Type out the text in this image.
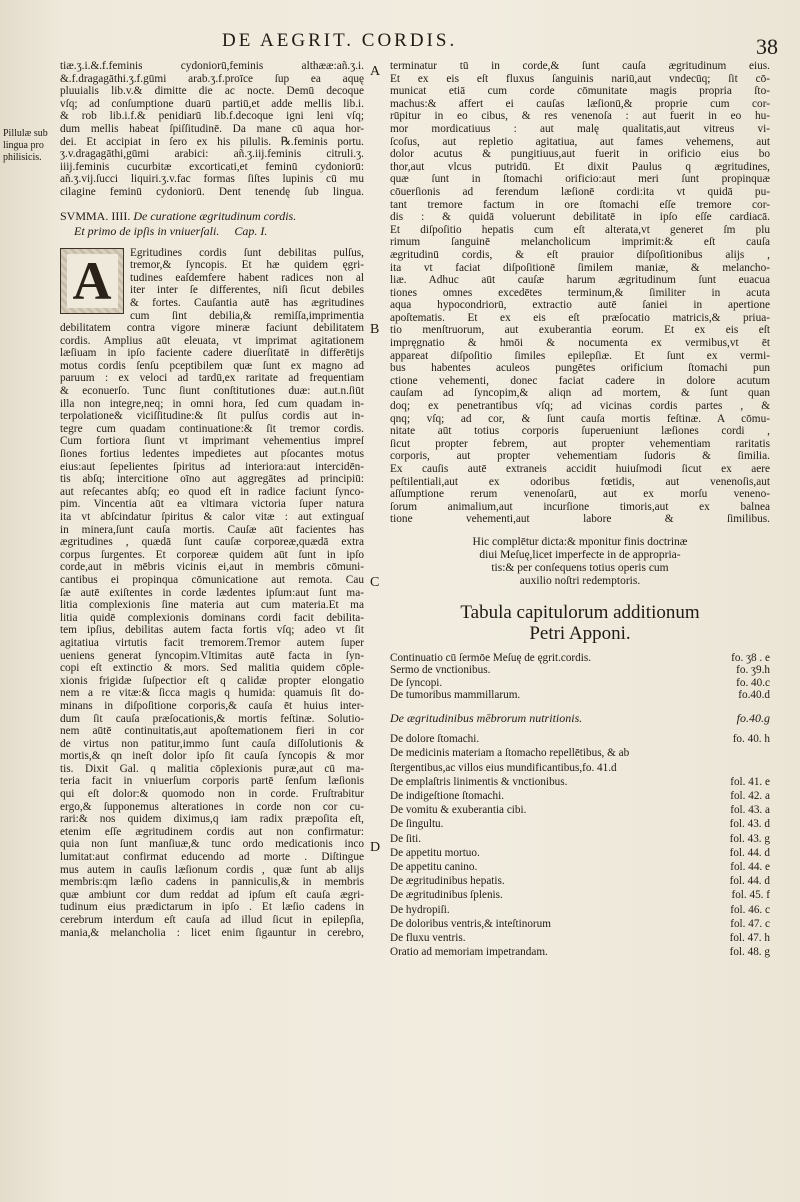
DE AEGRIT. CORDIS.	38
Pillulæ sub
lingua pro
philisicis.
A
B
C
D
tiæ.ʒ.i.&.f.feminis cydoniorū,feminis althææ:añ.ʒ.i.
&.f.dragagāthi.ʒ.f.gūmi arab.ʒ.f.proīce ſup ea aquę
pluuialis lib.v.& dimitte die ac nocte. Demū decoque
vſq; ad conſumptione duarū partiū,et adde mellis lib.i.
& rob lib.i.f.& penidiarū lib.f.decoque igni leni vſq;
dum mellis habeat ſpiſſitudinē. Da mane cū aqua hor-
dei. Et accipiat in ſero ex his pilulis. ℞.feminis portu.
ʒ.v.dragagāthi,gūmi arabici: añ.ʒ.iij.feminis citruli.ʒ.
iiij.feminis cucurbitæ excorticati,et feminū cydoniorū:
añ.ʒ.vij.ſucci liquiri.ʒ.v.fac formas ſiſtes lupinis cū mu
cilagine feminū cydoniorū. Dent tenendę ſub lingua.
SVMMA. IIII. De curatione ægritudinum cordis.
Et primo de ipſis in vniuerſali. Cap. I.
A	Egritudines cordis ſunt debilitas pulſus,
tremor,& ſyncopis. Et hæ quidem ęgri-
tudines eaſdemfere habent radices non al
iter inter ſe differentes, niſi ſicut debiles
& fortes. Cauſantia autē has ægritudines
cum ſint debilia,& remiſſa,imprimentia
debilitatem contra vigore mineræ faciunt debilitatem
cordis. Amplius aūt eleuata, vt imprimat agitationem
læſiuam in ipſo faciente cadere diuerſitatē in differētijs
motus cordis ſenſu pceptibilem quæ ſunt ex magno ad
paruum : ex veloci ad tardū,ex raritate ad frequentiam
& econuerſo. Tunc ſiunt conſtitutiones duæ: aut.n.ſiūt
illa non integre,neq; in omni hora, ſed cum quadam in-
terpolatione& viciſſitudine:& ſit pulſus cordis aut in-
tegre cum quadam continuatione:& ſit tremor cordis.
Cum fortiora ſiunt vt imprimant vehementius impreſ
ſiones fortius ledentes impedietes aut pſocantes motus
eius:aut ſepelientes ſpiritus ad interiora:aut intercidēn-
tis abſq; intercitione oīno aut aggregātes ad principiū:
aut reſecantes abſq; eo quod eſt in radice faciunt ſynco-
pim. Vincentia aūt ea vltimara victoria ſuper natura
ita vt abſcindatur ſpiritus & calor vitæ : aut extinguaſ
in minera,ſunt cauſa mortis. Cauſæ aūt facientes has
ægritudines , quædā ſunt cauſæ corporeæ,quædā extra
corpus ſurgentes. Et corporeæ quidem aūt ſunt in ipſo
corde,aut in mēbris vicinis ei,aut in membris cōmuni-
cantibus ei propinqua cōmunicatione aut remota. Cau
ſæ autē exiſtentes in corde lædentes ipſum:aut ſunt ma-
litia complexionis ſine materia aut cum materia.Et ma
litia quidē complexionis dominans cordi facit debilita-
tem ipſius, debilitas autem facta fortis vſq; adeo vt ſit
agitatiua virtutis facit tremorem.Tremor autem ſuper
ueniens generat ſyncopim.Vltimitas autē facta in ſyn-
copi eſt extinctio & mors. Sed malitia quidem cōple-
xionis frigidæ ſuſpectior eſt q calidæ propter elongatio
nem a re vitæ:& ſicca magis q humida: quamuis ſit do-
minans in diſpoſitione corporis,& cauſa ēt huius inter-
dum ſit cauſa præſocationis,& mortis feſtinæ. Solutio-
nem aūtē continuitatis,aut apoſtemationem fieri in cor
de virtus non patitur,immo ſunt cauſa diſſolutionis &
mortis,& qn ineſt dolor ipſo ſit cauſa ſyncopis & mor
tis. Dixit Gal. q malitia cōplexionis puræ,aut cū ma-
teria facit in vniuerſum corporis partē ſenſum læſionis
qui eſt dolor:& quomodo non in corde. Fruſtrabitur
ergo,& ſupponemus alterationes in corde non cor cu-
rari:& nos quidem diximus,q iam radix præpoſita eſt,
etenim eſſe ægritudinem cordis aut non confirmatur:
quia non ſunt manſiuæ,& tunc ordo medicationis inco
lumitat:aut confirmat educendo ad morte . Diſtingue
mus autem in cauſis læſionum cordis , quæ ſunt ab alijs
membris:qm læſio cadens in panniculis,& in membris
quæ ambiunt cor dum reddat ad ipſum eſt cauſa ægri-
tudinum eius prædictarum in ipſo . Et læſio cadens in
cerebrum interdum eſt cauſa ad illud ſicut in epilepſia,
mania,& melancholia : licet enim ſigauntur in cerebro,
terminatur tū in corde,& ſunt cauſa ægritudinum eius.
Et ex eis eſt fluxus ſanguinis nariū,aut vndecūq; ſit cō-
municat etiā cum corde cōmunitate magis propria ſto-
machus:& affert ei cauſas læſionū,& proprie cum cor-
rūpitur in eo cibus, & res venenoſa : aut fuerit in eo hu-
mor mordicatiuus : aut malę qualitatis,aut vitreus vi-
ſcoſus, aut repletio agitatiua, aut fames vehemens, aut
dolor acutus & pungitiuus,aut fuerit in orificio eius bo
thor,aut vlcus putridū. Et dixit Paulus q ægritudines,
quæ ſunt in ſtomachi orificio:aut meri ſunt propinquæ
cōuerſionis ad ferendum læſionē cordi:ita vt quidā pu-
tant tremore factum in ore ſtomachi eſſe tremore cor-
dis : & quidā voluerunt debilitatē in ipſo eſſe cardiacā.
Et diſpoſitio hepatis cum eſt alterata,vt generet ſm plu
rimum ſanguinē melancholicum imprimit:& eſt cauſa
ægritudinū cordis, & eſt prauior diſpoſitionibus alijs ,
ita vt faciat diſpoſitionē ſimilem maniæ, & melancho-
liæ. Adhuc aūt cauſæ harum ægritudinum ſunt euacua
tiones omnes excedētes terminum,& ſimiliter in acuta
aqua hypocondriorū, extractio autē ſaniei in apertione
apoſtematis. Et ex eis eſt præſocatio matricis,& priua-
tio menſtruorum, aut exuberantia eorum. Et ex eis eſt
impręgnatio & hmōi & nocumenta ex vermibus,vt ēt
appareat diſpoſitio ſimiles epilepſiæ. Et ſunt ex vermi-
bus habentes aculeos pungētes orificium ſtomachi pun
ctione vehementi, donec faciat cadere in dolore acutum
cauſam ad ſyncopim,& aliqn ad mortem, & ſunt quan
doq; ex penetrantibus vſq; ad vicinas cordis partes , &
qnq; vſq; ad cor, & ſunt cauſa mortis feſtinæ. A cōmu-
nitate aūt totius corporis ſuperueniunt læſiones cordi ,
ſicut propter febrem, aut propter vehementiam raritatis
corporis, aut propter vehementiam ſudoris & ſimilia.
Ex cauſis autē extraneis accidit huiuſmodi ſicut ex aere
peſtilentiali,aut ex odoribus fœtidis, aut venenoſis,aut
aſſumptione rerum venenoſarū, aut ex morſu veneno-
ſorum animalium,aut incurſione timoris,aut ex balnea
tione vehementi,aut labore & ſimilibus.
Hic complētur dicta:& mponitur finis doctrinæ
diui Meſuę,licet imperfecte in de appropria-
tis:& per conſequens totius operis cum
auxilio noſtri redemptoris.
Tabula capitulorum additionum
Petri Apponi.
Continuatio cū ſermōe Meſuę de ęgrit.cordis.	fo. ʒ8 . e
Sermo de vnctionibus.	fo. ʒ9.h
De ſyncopi.	fo. 40.c
De tumoribus mammillarum.	fo.40.d
De ægritudinibus mēbrorum nutritionis.	fo.40.g
De dolore ſtomachi.	fo. 40. h
De medicinis materiam a ſtomacho repellētibus, & ab
ſtergentibus,ac villos eius mundificantibus,fo. 41.d
De emplaſtris linimentis & vnctionibus.	fol. 41. e
De indigeſtione ſtomachi.	fol. 42. a
De vomitu & exuberantia cibi.	fol. 43. a
De ſingultu.	fol. 43. d
De ſiti.	fol. 43. g
De appetitu mortuo.	fol. 44. d
De appetitu canino.	fol. 44. e
De ægritudinibus hepatis.	fol. 44. d
De ægritudinibus ſplenis.	fol. 45. f
De hydropiſi.	fol. 46. c
De doloribus ventris,& inteſtinorum	fol. 47. c
De fluxu ventris.	fol. 47. h
Oratio ad memoriam impetrandam.	fol. 48. g
